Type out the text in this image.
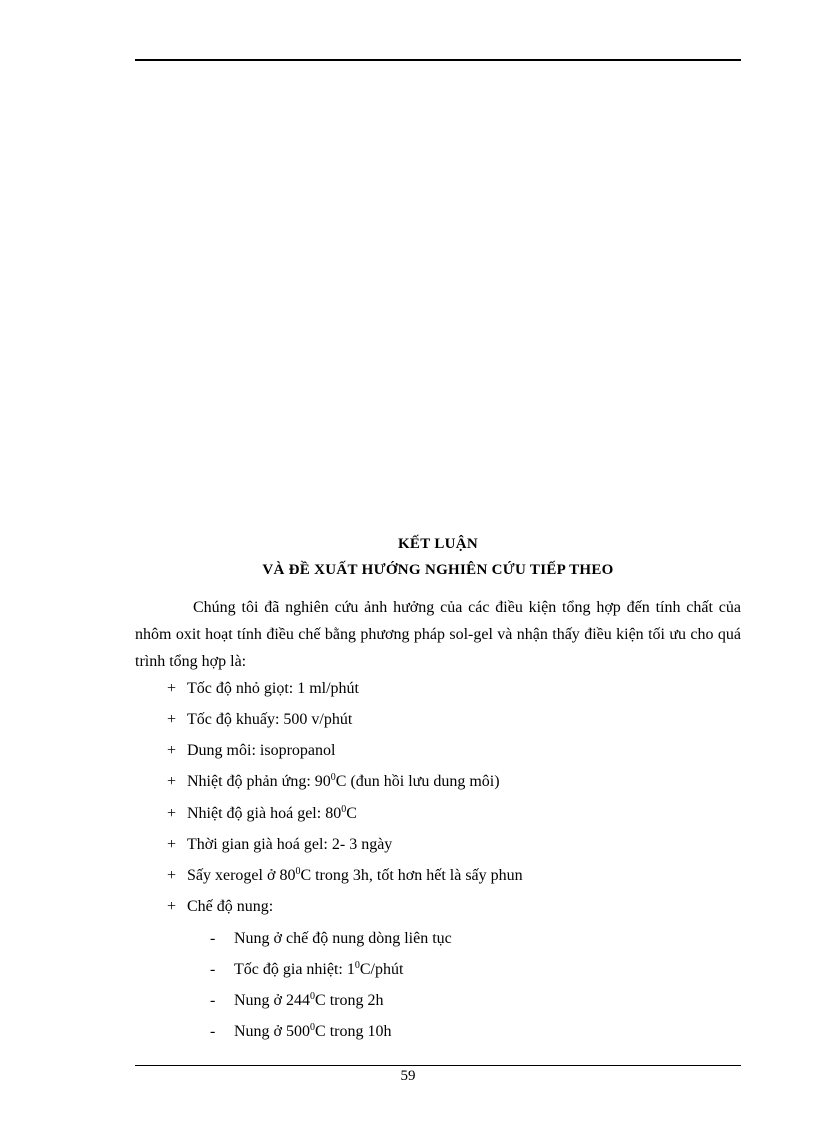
KẾT LUẬN
VÀ ĐỀ XUẤT HƯỚNG NGHIÊN CỨU TIẾP THEO

Chúng tôi đã nghiên cứu ảnh hưởng của các điều kiện tổng hợp đến tính chất của nhôm oxit hoạt tính điều chế bằng phương pháp sol-gel và nhận thấy điều kiện tối ưu cho quá trình tổng hợp là:

+ Tốc độ nhỏ giọt: 1 ml/phút
+ Tốc độ khuấy: 500 v/phút
+ Dung môi: isopropanol
+ Nhiệt độ phản ứng: $90^0C$ (đun hồi lưu dung môi)
+ Nhiệt độ già hoá gel: $80^0C$
+ Thời gian già hoá gel: 2- 3 ngày
+ Sấy xerogel ở $80^0C$ trong 3h, tốt hơn hết là sấy phun
+ Chế độ nung:
- Nung ở chế độ nung dòng liên tục
- Tốc độ gia nhiệt: $1^0C$/phút
- Nung ở $244^0C$ trong 2h
- Nung ở $500^0C$ trong 10h
59
